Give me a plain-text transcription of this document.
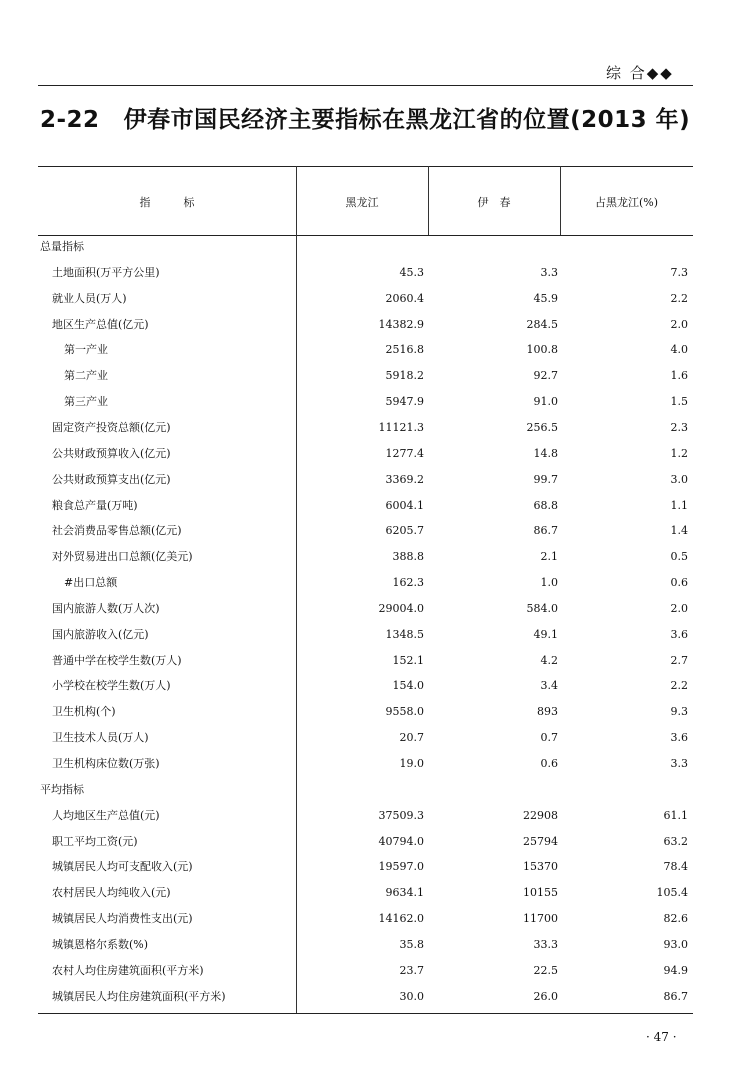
综 合◆◆
2-22 伊春市国民经济主要指标在黑龙江省的位置(2013 年)
指　　　标	黑龙江	伊　春	占黑龙江(%)
总量指标
土地面积(万平方公里)	45.3	3.3	7.3
就业人员(万人)	2060.4	45.9	2.2
地区生产总值(亿元)	14382.9	284.5	2.0
第一产业	2516.8	100.8	4.0
第二产业	5918.2	92.7	1.6
第三产业	5947.9	91.0	1.5
固定资产投资总额(亿元)	11121.3	256.5	2.3
公共财政预算收入(亿元)	1277.4	14.8	1.2
公共财政预算支出(亿元)	3369.2	99.7	3.0
粮食总产量(万吨)	6004.1	68.8	1.1
社会消费品零售总额(亿元)	6205.7	86.7	1.4
对外贸易进出口总额(亿美元)	388.8	2.1	0.5
#出口总额	162.3	1.0	0.6
国内旅游人数(万人次)	29004.0	584.0	2.0
国内旅游收入(亿元)	1348.5	49.1	3.6
普通中学在校学生数(万人)	152.1	4.2	2.7
小学校在校学生数(万人)	154.0	3.4	2.2
卫生机构(个)	9558.0	893	9.3
卫生技术人员(万人)	20.7	0.7	3.6
卫生机构床位数(万张)	19.0	0.6	3.3
平均指标
人均地区生产总值(元)	37509.3	22908	61.1
职工平均工资(元)	40794.0	25794	63.2
城镇居民人均可支配收入(元)	19597.0	15370	78.4
农村居民人均纯收入(元)	9634.1	10155	105.4
城镇居民人均消费性支出(元)	14162.0	11700	82.6
城镇恩格尔系数(%)	35.8	33.3	93.0
农村人均住房建筑面积(平方米)	23.7	22.5	94.9
城镇居民人均住房建筑面积(平方米)	30.0	26.0	86.7
· 47 ·
